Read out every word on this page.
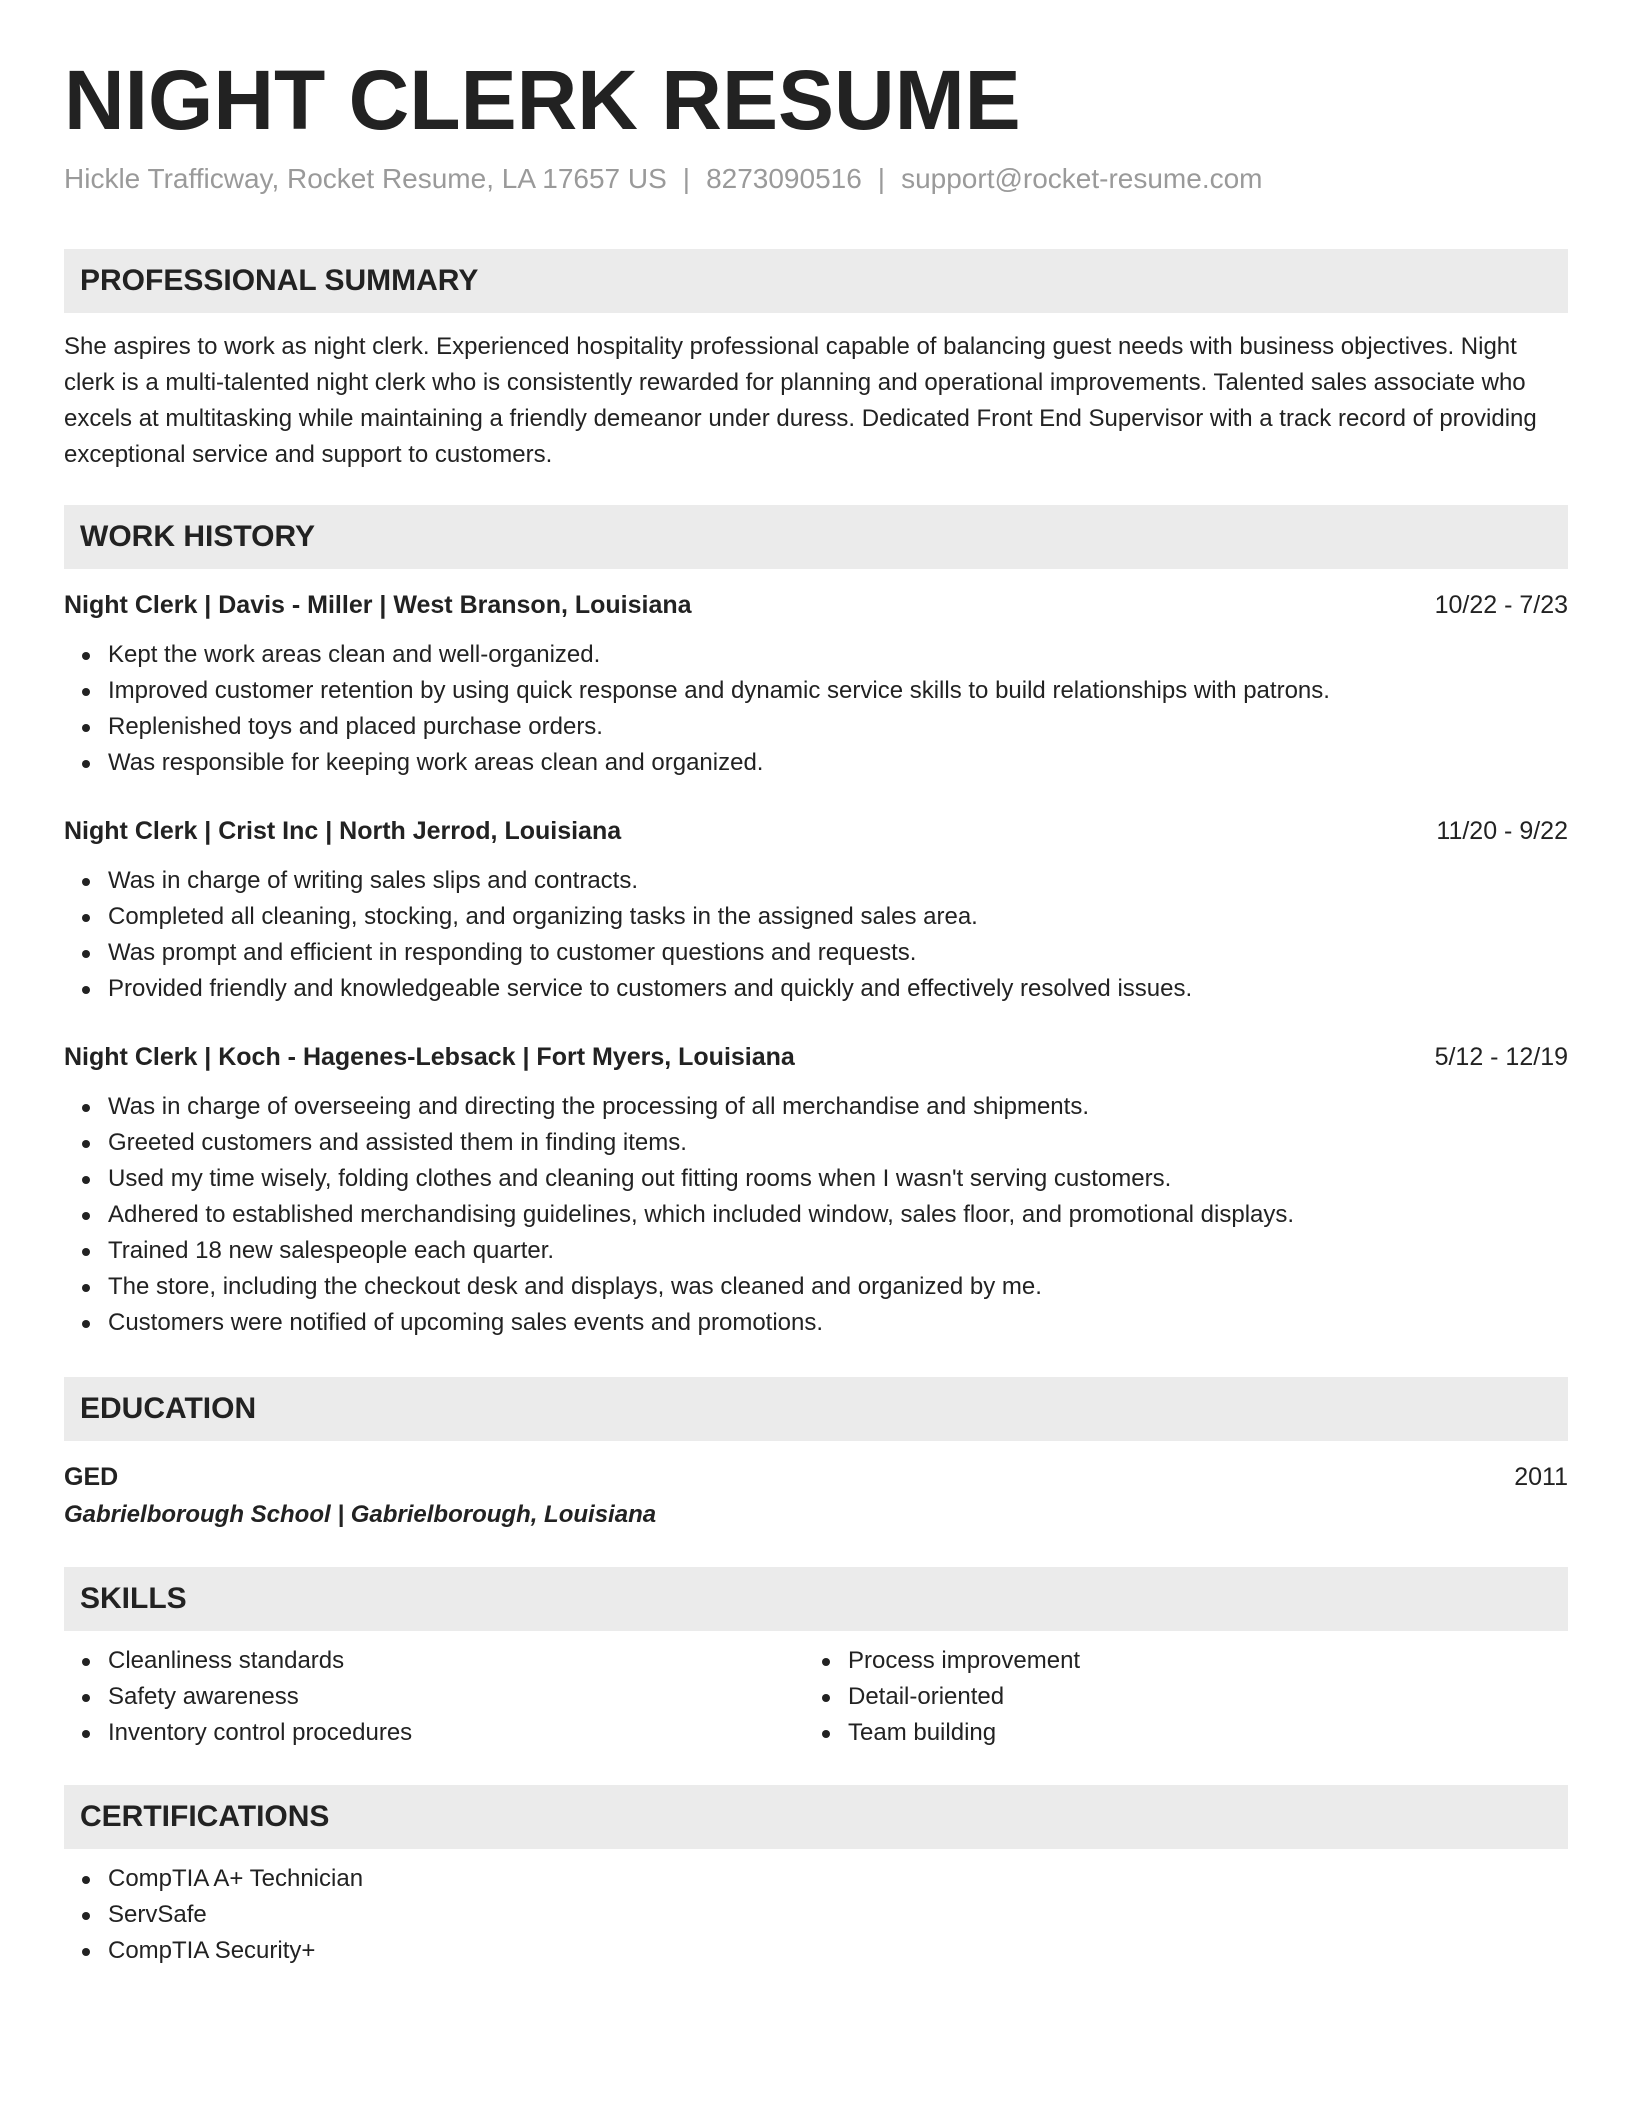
NIGHT CLERK RESUME
Hickle Trafficway, Rocket Resume, LA 17657 US | 8273090516 | support@rocket-resume.com
PROFESSIONAL SUMMARY
She aspires to work as night clerk. Experienced hospitality professional capable of balancing guest needs with business objectives. Night clerk is a multi-talented night clerk who is consistently rewarded for planning and operational improvements. Talented sales associate who excels at multitasking while maintaining a friendly demeanor under duress. Dedicated Front End Supervisor with a track record of providing exceptional service and support to customers.
WORK HISTORY
Night Clerk | Davis - Miller | West Branson, Louisiana	10/22 - 7/23
Kept the work areas clean and well-organized.
Improved customer retention by using quick response and dynamic service skills to build relationships with patrons.
Replenished toys and placed purchase orders.
Was responsible for keeping work areas clean and organized.
Night Clerk | Crist Inc | North Jerrod, Louisiana	11/20 - 9/22
Was in charge of writing sales slips and contracts.
Completed all cleaning, stocking, and organizing tasks in the assigned sales area.
Was prompt and efficient in responding to customer questions and requests.
Provided friendly and knowledgeable service to customers and quickly and effectively resolved issues.
Night Clerk | Koch - Hagenes-Lebsack | Fort Myers, Louisiana	5/12 - 12/19
Was in charge of overseeing and directing the processing of all merchandise and shipments.
Greeted customers and assisted them in finding items.
Used my time wisely, folding clothes and cleaning out fitting rooms when I wasn't serving customers.
Adhered to established merchandising guidelines, which included window, sales floor, and promotional displays.
Trained 18 new salespeople each quarter.
The store, including the checkout desk and displays, was cleaned and organized by me.
Customers were notified of upcoming sales events and promotions.
EDUCATION
GED	2011
Gabrielborough School | Gabrielborough, Louisiana
SKILLS
Cleanliness standards
Safety awareness
Inventory control procedures
Process improvement
Detail-oriented
Team building
CERTIFICATIONS
CompTIA A+ Technician
ServSafe
CompTIA Security+
